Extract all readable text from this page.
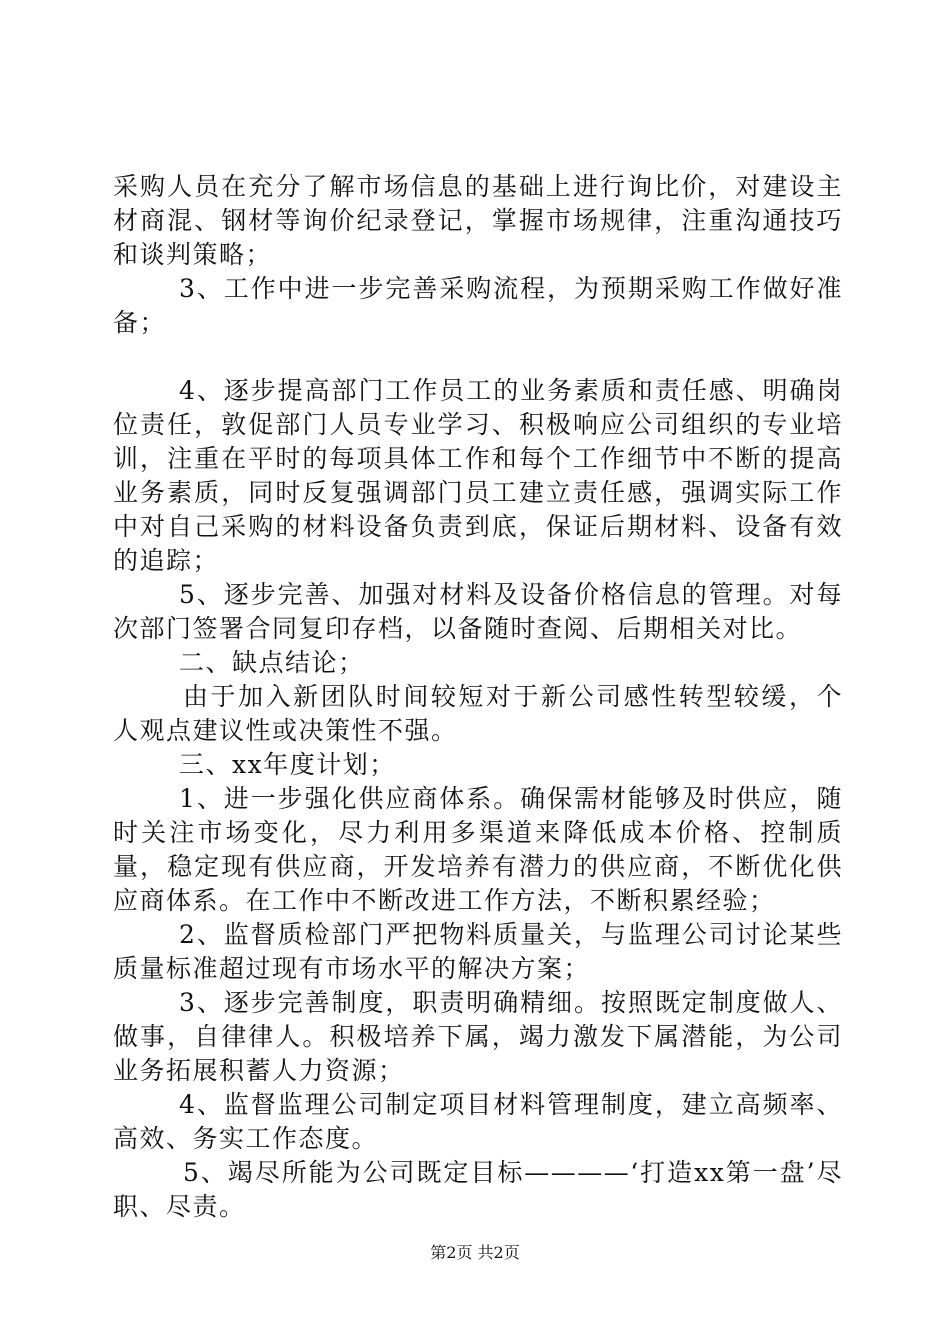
采购人员在充分了解市场信息的基础上进行询比价，对建设主材商混、钢材等询价纪录登记，掌握市场规律，注重沟通技巧和谈判策略；

3、工作中进一步完善采购流程，为预期采购工作做好准备；

4、逐步提高部门工作员工的业务素质和责任感、明确岗位责任，敦促部门人员专业学习、积极响应公司组织的专业培训，注重在平时的每项具体工作和每个工作细节中不断的提高业务素质，同时反复强调部门员工建立责任感，强调实际工作中对自己采购的材料设备负责到底，保证后期材料、设备有效的追踪；

5、逐步完善、加强对材料及设备价格信息的管理。对每次部门签署合同复印存档，以备随时查阅、后期相关对比。

二、缺点结论；

由于加入新团队时间较短对于新公司感性转型较缓，个人观点建议性或决策性不强。

三、xx年度计划；

1、进一步强化供应商体系。确保需材能够及时供应，随时关注市场变化，尽力利用多渠道来降低成本价格、控制质量，稳定现有供应商，开发培养有潜力的供应商，不断优化供应商体系。在工作中不断改进工作方法，不断积累经验；

2、监督质检部门严把物料质量关，与监理公司讨论某些质量标准超过现有市场水平的解决方案；

3、逐步完善制度，职责明确精细。按照既定制度做人、做事，自律律人。积极培养下属，竭力激发下属潜能，为公司业务拓展积蓄人力资源；

4、监督监理公司制定项目材料管理制度，建立高频率、高效、务实工作态度。

5、竭尽所能为公司既定目标————‘打造xx第一盘’尽职、尽责。

第2页 共2页
